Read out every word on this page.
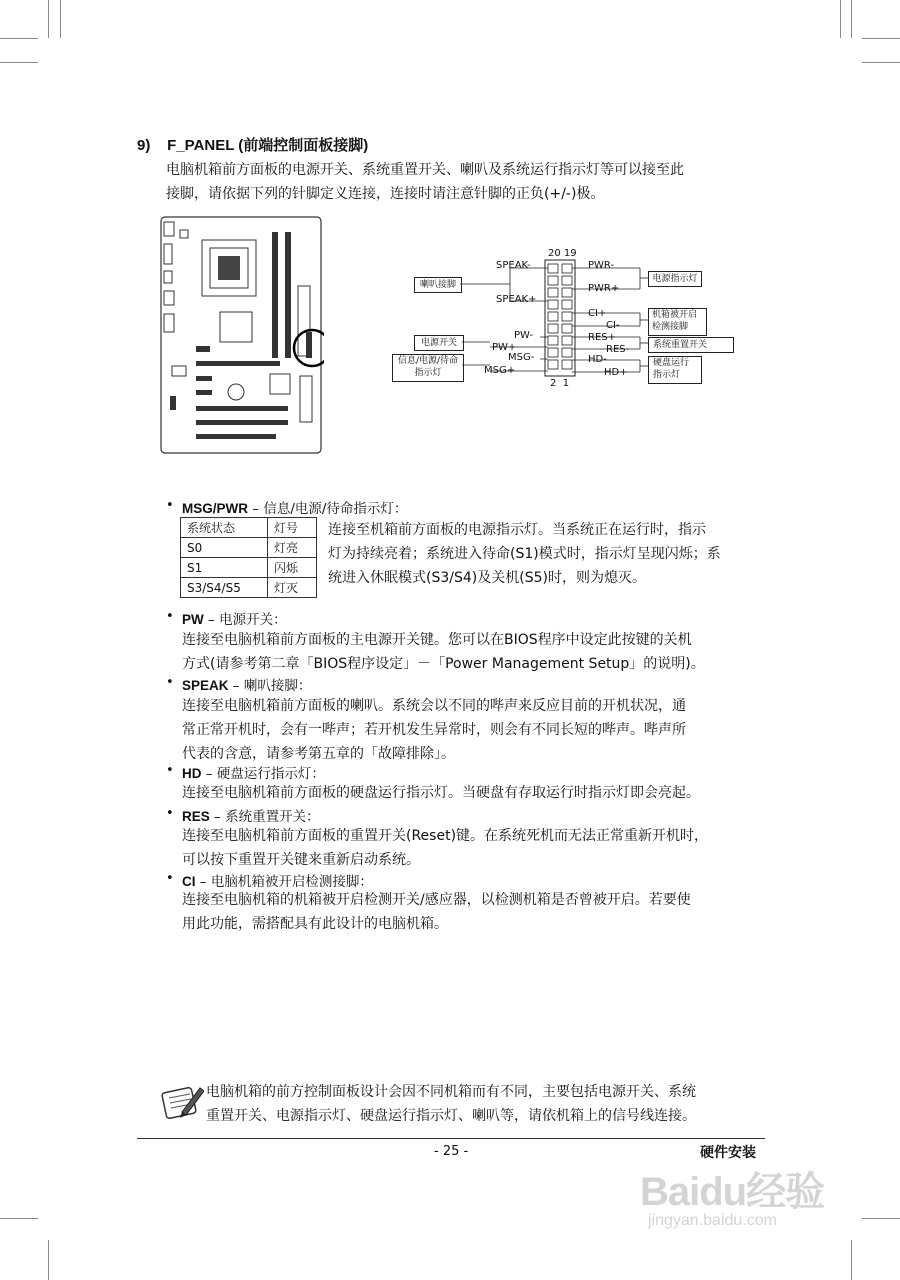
9) F_PANEL (前端控制面板接脚)
电脑机箱前方面板的电源开关、系统重置开关、喇叭及系统运行指示灯等可以接至此
接脚，请依据下列的针脚定义连接，连接时请注意针脚的正负(+/-)极。
20 19
2  1
SPEAK-
SPEAK+
PW-
PW+
MSG-
MSG+
PWR-
PWR+
CI+
CI-
RES+
RES-
HD-
HD+
喇叭接脚
电源开关
信息/电源/待命
指示灯
电源指示灯
机箱被开启
检测接脚
系统重置开关
硬盘运行
指示灯
• MSG/PWR – 信息/电源/待命指示灯：
系统状态	灯号
S0	灯亮
S1	闪烁
S3/S4/S5	灯灭
连接至机箱前方面板的电源指示灯。当系统正在运行时，指示
灯为持续亮着；系统进入待命(S1)模式时，指示灯呈现闪烁；系
统进入休眠模式(S3/S4)及关机(S5)时，则为熄灭。
• PW – 电源开关：
连接至电脑机箱前方面板的主电源开关键。您可以在BIOS程序中设定此按键的关机
方式(请参考第二章「BIOS程序设定」－「Power Management Setup」的说明)。
• SPEAK – 喇叭接脚：
连接至电脑机箱前方面板的喇叭。系统会以不同的哔声来反应目前的开机状况，通
常正常开机时，会有一哔声；若开机发生异常时，则会有不同长短的哔声。哔声所
代表的含意，请参考第五章的「故障排除」。
• HD – 硬盘运行指示灯：
连接至电脑机箱前方面板的硬盘运行指示灯。当硬盘有存取运行时指示灯即会亮起。
• RES – 系统重置开关：
连接至电脑机箱前方面板的重置开关(Reset)键。在系统死机而无法正常重新开机时，
可以按下重置开关键来重新启动系统。
• CI – 电脑机箱被开启检测接脚：
连接至电脑机箱的机箱被开启检测开关/感应器，以检测机箱是否曾被开启。若要使
用此功能，需搭配具有此设计的电脑机箱。
电脑机箱的前方控制面板设计会因不同机箱而有不同，主要包括电源开关、系统
重置开关、电源指示灯、硬盘运行指示灯、喇叭等，请依机箱上的信号线连接。
- 25 -	硬件安装
Baidu经验
jingyan.baidu.com
